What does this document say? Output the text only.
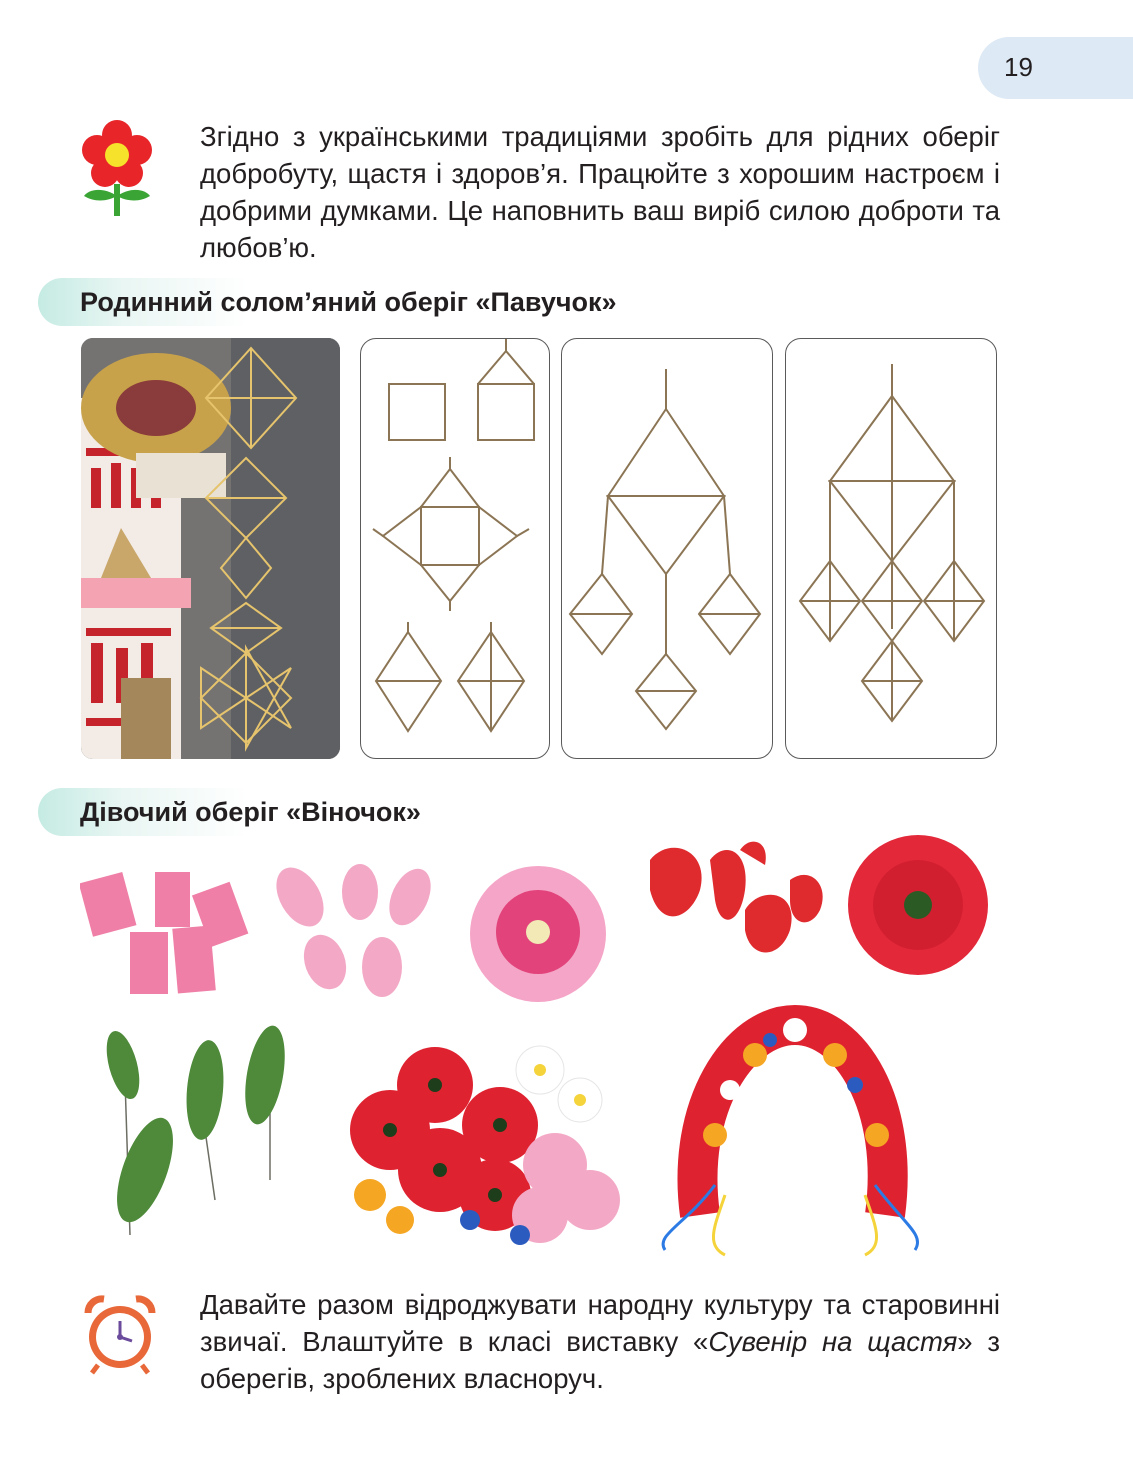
19

Згідно з українськими традиціями зробіть для рідних оберіг добробуту, щастя і здоров’я. Працюйте з хорошим настроєм і добрими думками. Це наповнить ваш виріб силою доброти та любов’ю.

Родинний солом’яний оберіг «Павучок»

Дівочий оберіг «Віночок»

Давайте разом відроджувати народну культуру та старовинні звичаї. Влаштуйте в класі виставку «Сувенір на щастя» з оберегів, зроблених власноруч.
